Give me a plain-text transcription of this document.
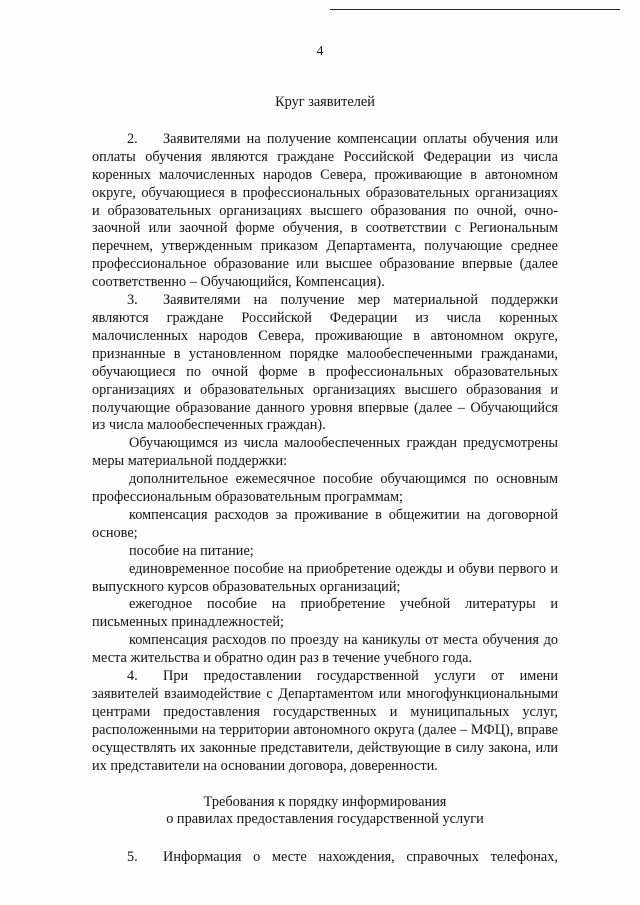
4

Круг заявителей

2. Заявителями на получение компенсации оплаты обучения или оплаты обучения являются граждане Российской Федерации из числа коренных малочисленных народов Севера, проживающие в автономном округе, обучающиеся в профессиональных образовательных организациях и образовательных организациях высшего образования по очной, очно-заочной или заочной форме обучения, в соответствии с Региональным перечнем, утвержденным приказом Департамента, получающие среднее профессиональное образование или высшее образование впервые (далее соответственно – Обучающийся, Компенсация).

3. Заявителями на получение мер материальной поддержки являются граждане Российской Федерации из числа коренных малочисленных народов Севера, проживающие в автономном округе, признанные в установленном порядке малообеспеченными гражданами, обучающиеся по очной форме в профессиональных образовательных организациях и образовательных организациях высшего образования и получающие образование данного уровня впервые (далее – Обучающийся из числа малообеспеченных граждан).

Обучающимся из числа малообеспеченных граждан предусмотрены меры материальной поддержки:

дополнительное ежемесячное пособие обучающимся по основным профессиональным образовательным программам;

компенсация расходов за проживание в общежитии на договорной основе;

пособие на питание;

единовременное пособие на приобретение одежды и обуви первого и выпускного курсов образовательных организаций;

ежегодное пособие на приобретение учебной литературы и письменных принадлежностей;

компенсация расходов по проезду на каникулы от места обучения до места жительства и обратно один раз в течение учебного года.

4. При предоставлении государственной услуги от имени заявителей взаимодействие с Департаментом или многофункциональными центрами предоставления государственных и муниципальных услуг, расположенными на территории автономного округа (далее – МФЦ), вправе осуществлять их законные представители, действующие в силу закона, или их представители на основании договора, доверенности.

Требования к порядку информирования
о правилах предоставления государственной услуги

5. Информация о месте нахождения, справочных телефонах,
